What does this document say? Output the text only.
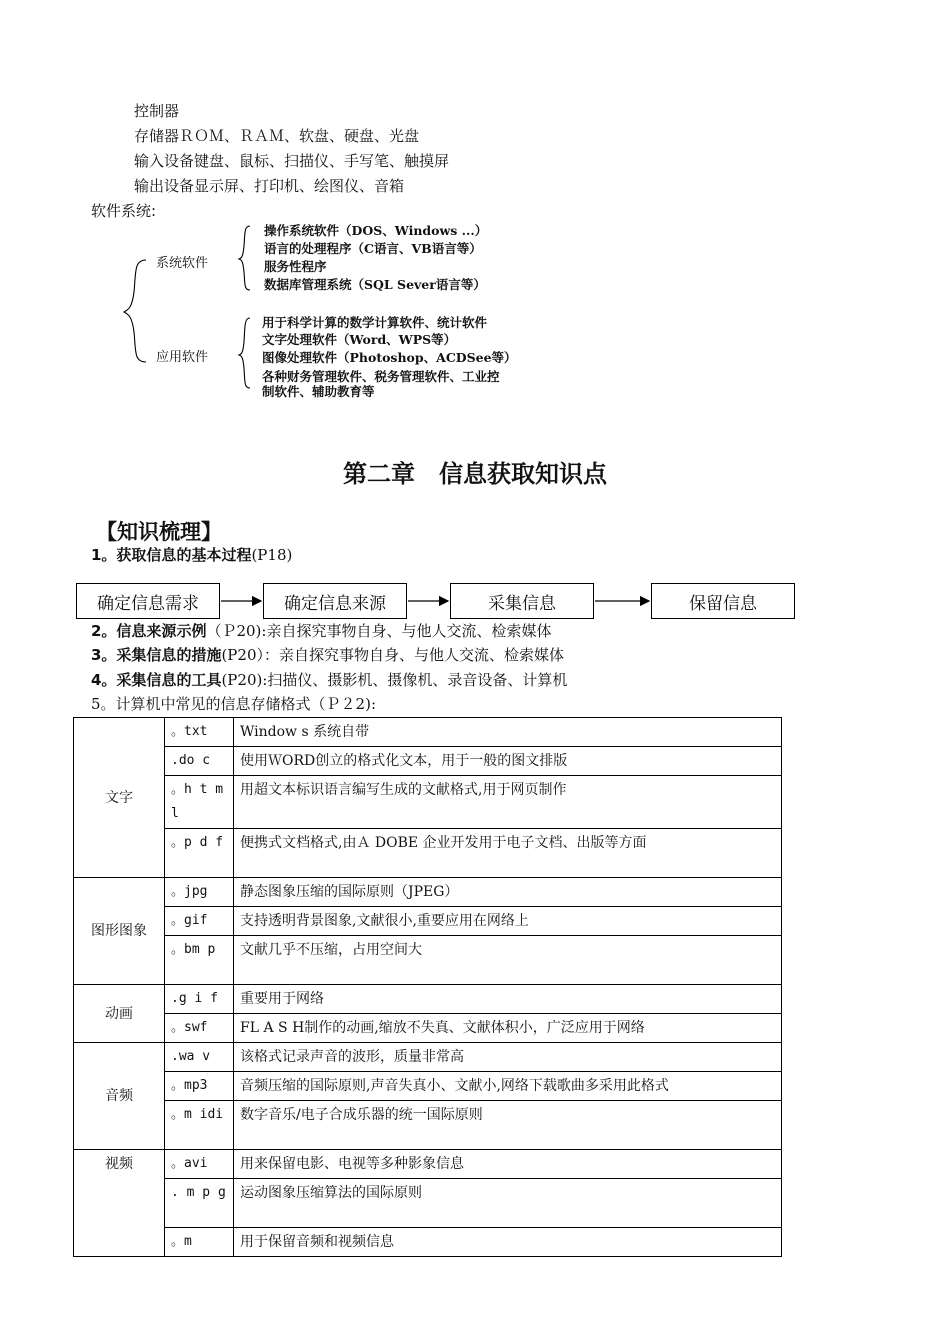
控制器
存储器ＲＯＭ、ＲＡＭ、软盘、硬盘、光盘
输入设备键盘、鼠标、扫描仪、手写笔、触摸屏
输出设备显示屏、打印机、绘图仪、音箱
软件系统:
系统软件
应用软件
操作系统软件（DOS、Windows ...）
语言的处理程序（C语言、VB语言等）
服务性程序
数据库管理系统（SQL Sever语言等）
用于科学计算的数学计算软件、统计软件
文字处理软件（Word、WPS等）
图像处理软件（Photoshop、ACDSee等）
各种财务管理软件、税务管理软件、工业控
制软件、辅助教育等
第二章　信息获取知识点
【知识梳理】
1。获取信息的基本过程(P18)
确定信息需求	确定信息来源	采集信息	保留信息
2。信息来源示例（Ｐ20):亲自探究事物自身、与他人交流、检索媒体
3。采集信息的措施(P20）：亲自探究事物自身、与他人交流、检索媒体
4。采集信息的工具(P20):扫描仪、摄影机、摄像机、录音设备、计算机
5。计算机中常见的信息存储格式（Ｐ２2):
文字	。txt	Window s 系统自带
	.do c	使用ＷORD创立的格式化文本，用于一般的图文排版
	。h t ml	用超文本标识语言编写生成的文献格式,用于网页制作
	。p d f	便携式文档格式,由Ａ DOBE 企业开发用于电子文档、出版等方面
图形图象	。jpg	静态图象压缩的国际原则（JPEG）
	。gif	支持透明背景图象,文献很小,重要应用在网络上
	。bm p	文献几乎不压缩，占用空间大
动画	.g i f	重要用于网络
	。swf	FL A S H制作的动画,缩放不失真、文献体积小，广泛应用于网络
音频	.wa v	该格式记录声音的波形，质量非常高
	。mp3	音频压缩的国际原则,声音失真小、文献小,网络下载歌曲多采用此格式
	。m idi	数字音乐/电子合成乐器的统一国际原则
视频	。avi	用来保留电影、电视等多种影象信息
	. m p g	运动图象压缩算法的国际原则
	。m	用于保留音频和视频信息
